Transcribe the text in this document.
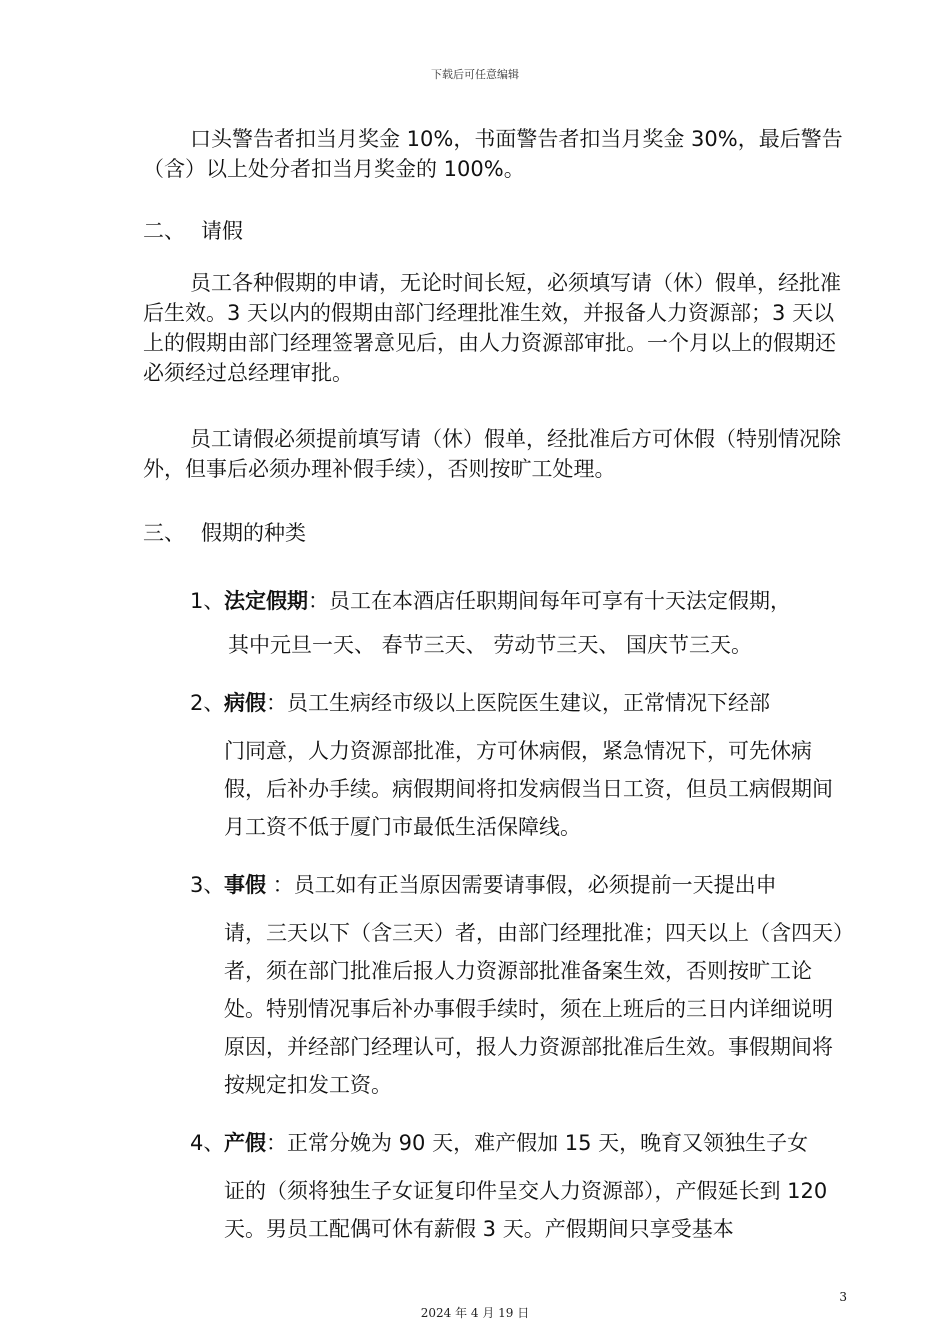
下载后可任意编辑

口头警告者扣当月奖金 10%，书面警告者扣当月奖金 30%，最后警告（含）以上处分者扣当月奖金的 100%。

二、 请假

员工各种假期的申请，无论时间长短，必须填写请（休）假单，经批准后生效。3 天以内的假期由部门经理批准生效，并报备人力资源部；3 天以上的假期由部门经理签署意见后，由人力资源部审批。一个月以上的假期还必须经过总经理审批。

员工请假必须提前填写请（休）假单，经批准后方可休假（特别情况除外，但事后必须办理补假手续），否则按旷工处理。

三、 假期的种类

1、法定假期：员工在本酒店任职期间每年可享有十天法定假期，
其中元旦一天、 春节三天、 劳动节三天、 国庆节三天。
2、病假：员工生病经市级以上医院医生建议，正常情况下经部
门同意，人力资源部批准，方可休病假，紧急情况下，可先休病假，后补办手续。病假期间将扣发病假当日工资，但员工病假期间月工资不低于厦门市最低生活保障线。
3、事假 ：员工如有正当原因需要请事假，必须提前一天提出申
请，三天以下（含三天）者，由部门经理批准；四天以上（含四天）者，须在部门批准后报人力资源部批准备案生效，否则按旷工论处。特别情况事后补办事假手续时，须在上班后的三日内详细说明原因，并经部门经理认可，报人力资源部批准后生效。事假期间将按规定扣发工资。
4、产假：正常分娩为 90 天，难产假加 15 天，晚育又领独生子女
证的（须将独生子女证复印件呈交人力资源部），产假延长到 120 天。男员工配偶可休有薪假 3 天。产假期间只享受基本
3
2024 年 4 月 19 日
